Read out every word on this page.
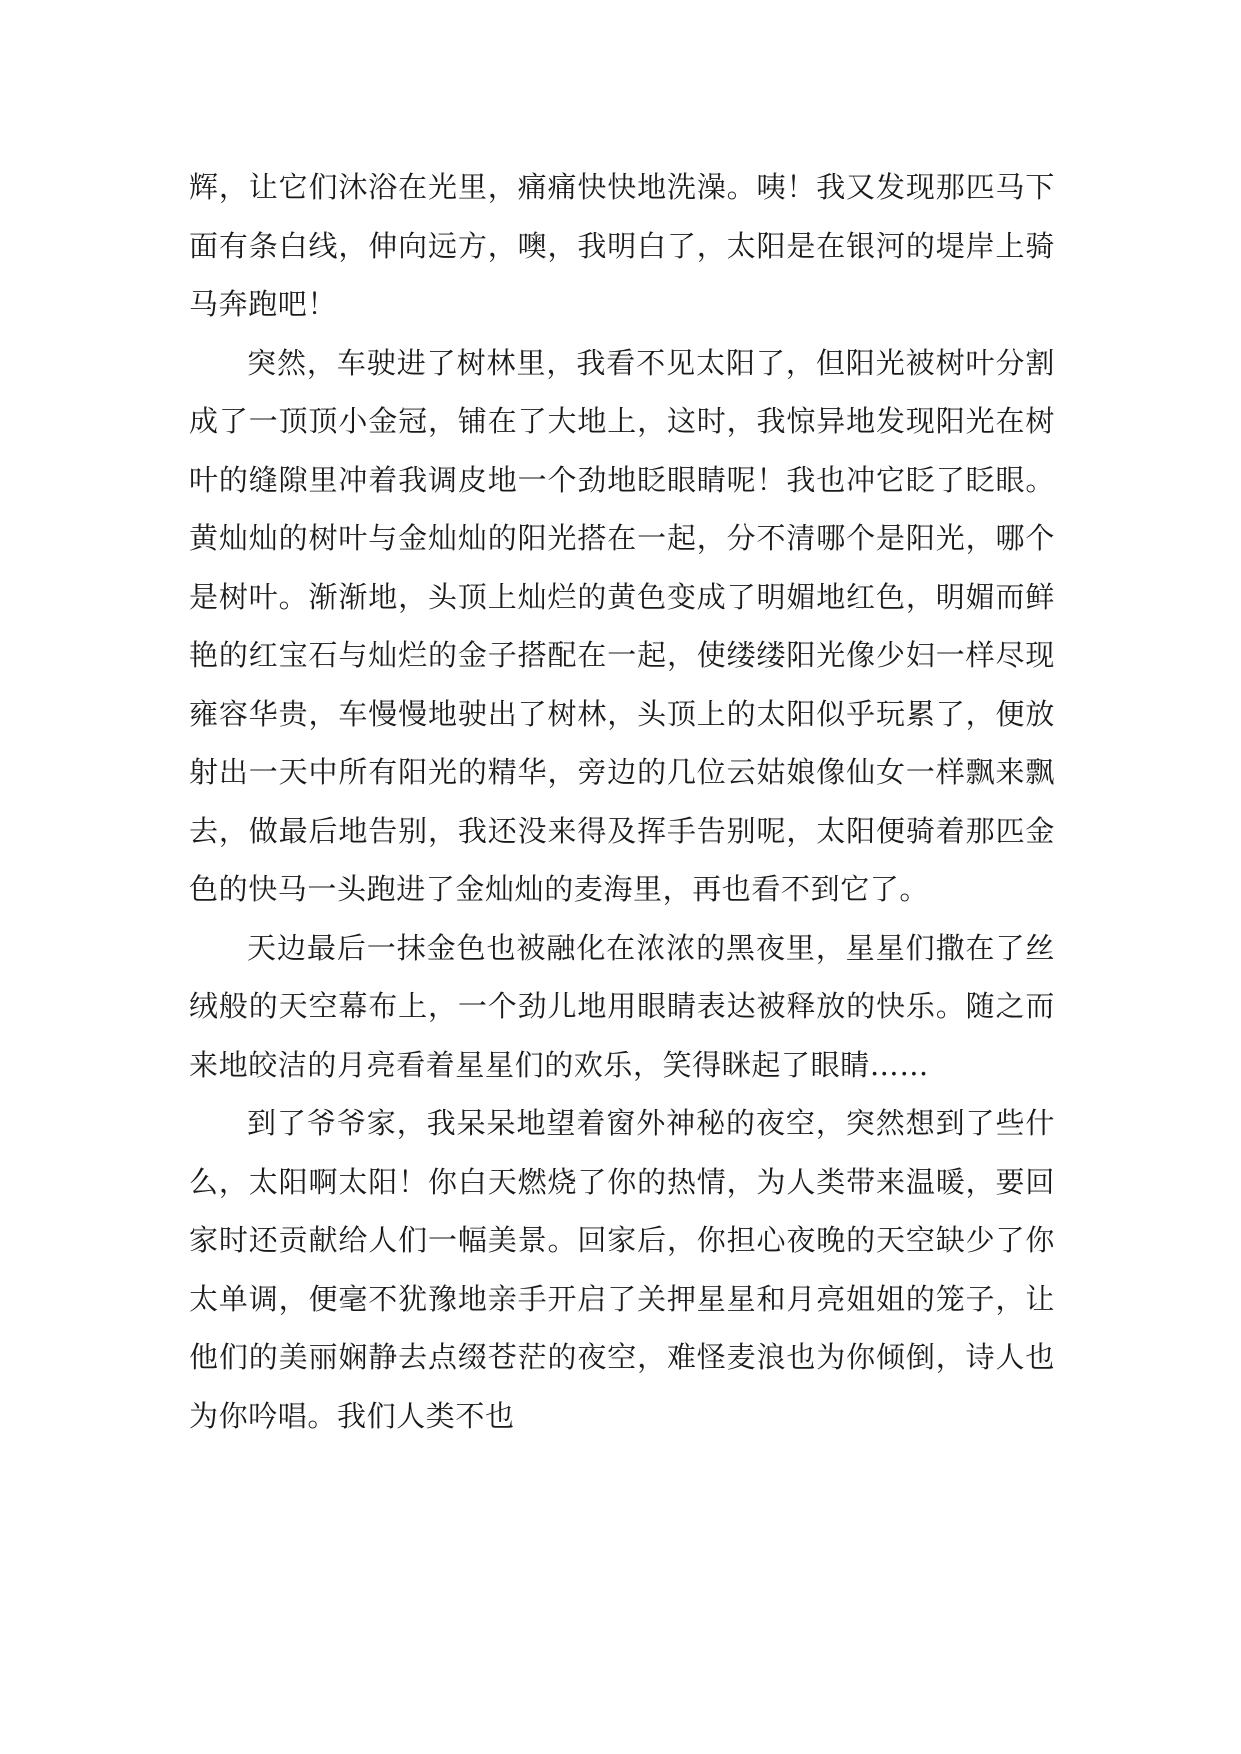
辉，让它们沐浴在光里，痛痛快快地洗澡。咦！我又发现那匹马下面有条白线，伸向远方，噢，我明白了，太阳是在银河的堤岸上骑马奔跑吧！

突然，车驶进了树林里，我看不见太阳了，但阳光被树叶分割成了一顶顶小金冠，铺在了大地上，这时，我惊异地发现阳光在树叶的缝隙里冲着我调皮地一个劲地眨眼睛呢！我也冲它眨了眨眼。黄灿灿的树叶与金灿灿的阳光搭在一起，分不清哪个是阳光，哪个是树叶。渐渐地，头顶上灿烂的黄色变成了明媚地红色，明媚而鲜艳的红宝石与灿烂的金子搭配在一起，使缕缕阳光像少妇一样尽现雍容华贵，车慢慢地驶出了树林，头顶上的太阳似乎玩累了，便放射出一天中所有阳光的精华，旁边的几位云姑娘像仙女一样飘来飘去，做最后地告别，我还没来得及挥手告别呢，太阳便骑着那匹金色的快马一头跑进了金灿灿的麦海里，再也看不到它了。

天边最后一抹金色也被融化在浓浓的黑夜里，星星们撒在了丝绒般的天空幕布上，一个劲儿地用眼睛表达被释放的快乐。随之而来地皎洁的月亮看着星星们的欢乐，笑得眯起了眼睛……

到了爷爷家，我呆呆地望着窗外神秘的夜空，突然想到了些什么，太阳啊太阳！你白天燃烧了你的热情，为人类带来温暖，要回家时还贡献给人们一幅美景。回家后，你担心夜晚的天空缺少了你太单调，便毫不犹豫地亲手开启了关押星星和月亮姐姐的笼子，让他们的美丽娴静去点缀苍茫的夜空，难怪麦浪也为你倾倒，诗人也为你吟唱。我们人类不也
